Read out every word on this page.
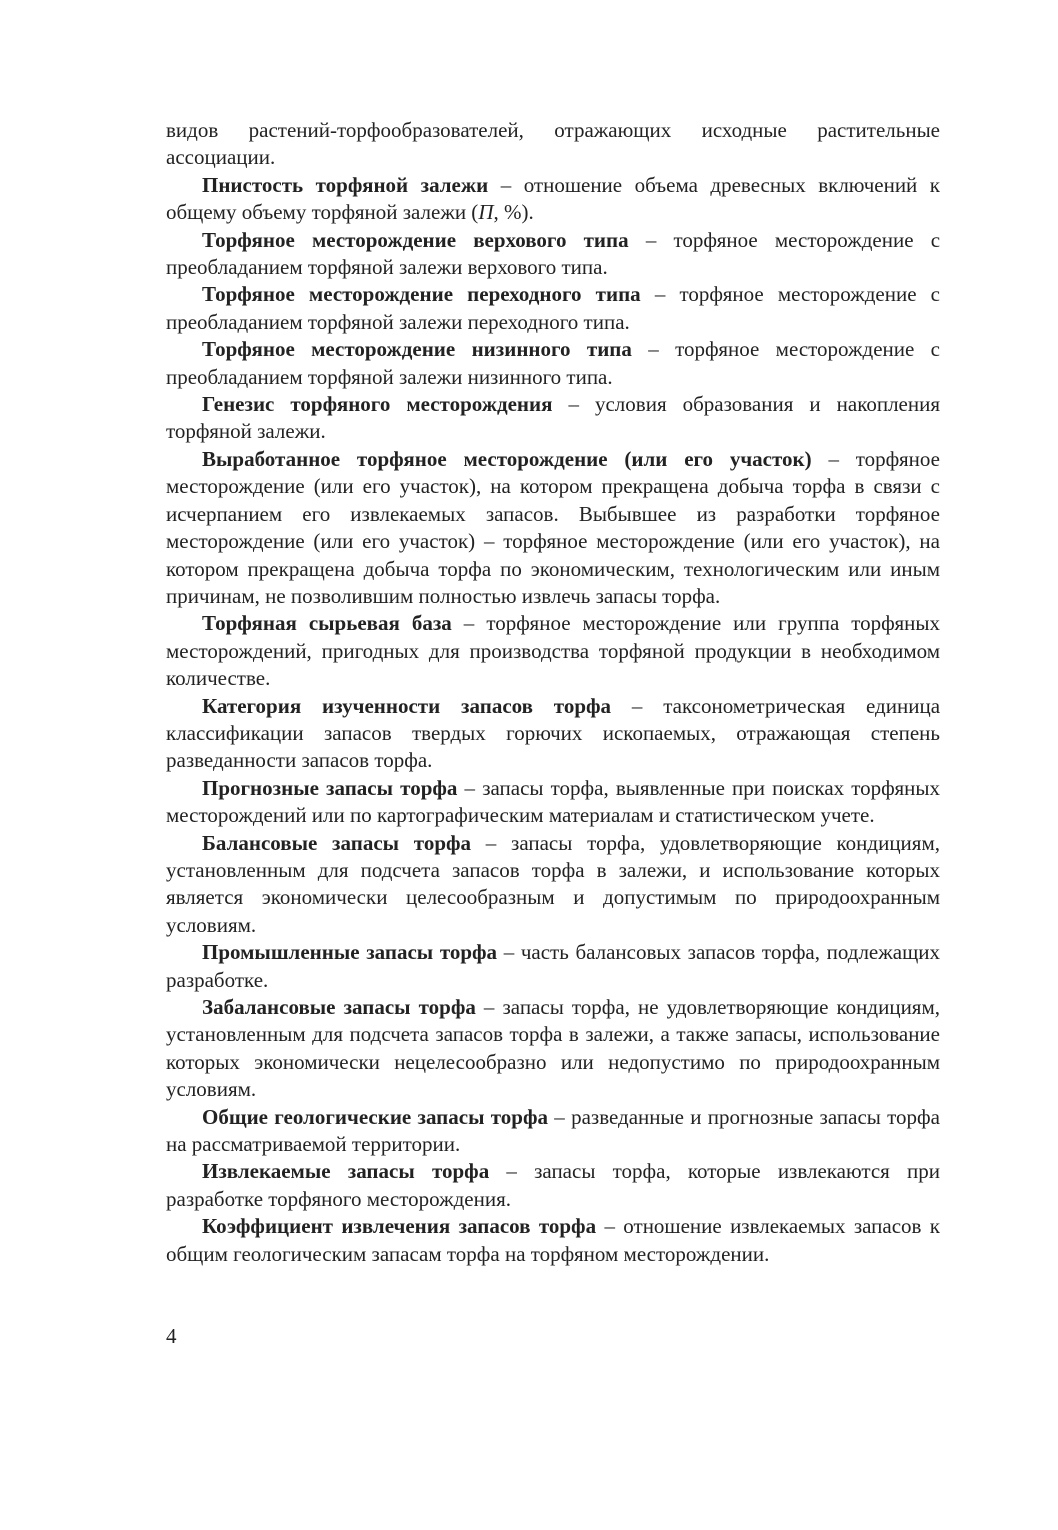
видов растений-торфообразователей, отражающих исходные растительные ассоциации.

Пнистость торфяной залежи – отношение объема древесных включений к общему объему торфяной залежи (П, %).

Торфяное месторождение верхового типа – торфяное месторождение с преобладанием торфяной залежи верхового типа.

Торфяное месторождение переходного типа – торфяное месторождение с преобладанием торфяной залежи переходного типа.

Торфяное месторождение низинного типа – торфяное месторождение с преобладанием торфяной залежи низинного типа.

Генезис торфяного месторождения – условия образования и накопления торфяной залежи.

Выработанное торфяное месторождение (или его участок) – торфяное месторождение (или его участок), на котором прекращена добыча торфа в связи с исчерпанием его извлекаемых запасов. Выбывшее из разработки торфяное месторождение (или его участок) – торфяное месторождение (или его участок), на котором прекращена добыча торфа по экономическим, технологическим или иным причинам, не позволившим полностью извлечь запасы торфа.

Торфяная сырьевая база – торфяное месторождение или группа торфяных месторождений, пригодных для производства торфяной продукции в необходимом количестве.

Категория изученности запасов торфа – таксонометрическая единица классификации запасов твердых горючих ископаемых, отражающая степень разведанности запасов торфа.

Прогнозные запасы торфа – запасы торфа, выявленные при поисках торфяных месторождений или по картографическим материалам и статистическом учете.

Балансовые запасы торфа – запасы торфа, удовлетворяющие кондициям, установленным для подсчета запасов торфа в залежи, и использование которых является экономически целесообразным и допустимым по природоохранным условиям.

Промышленные запасы торфа – часть балансовых запасов торфа, подлежащих разработке.

Забалансовые запасы торфа – запасы торфа, не удовлетворяющие кондициям, установленным для подсчета запасов торфа в залежи, а также запасы, использование которых экономически нецелесообразно или недопустимо по природоохранным условиям.

Общие геологические запасы торфа – разведанные и прогнозные запасы торфа на рассматриваемой территории.

Извлекаемые запасы торфа – запасы торфа, которые извлекаются при разработке торфяного месторождения.

Коэффициент извлечения запасов торфа – отношение извлекаемых запасов к общим геологическим запасам торфа на торфяном месторождении.

4
